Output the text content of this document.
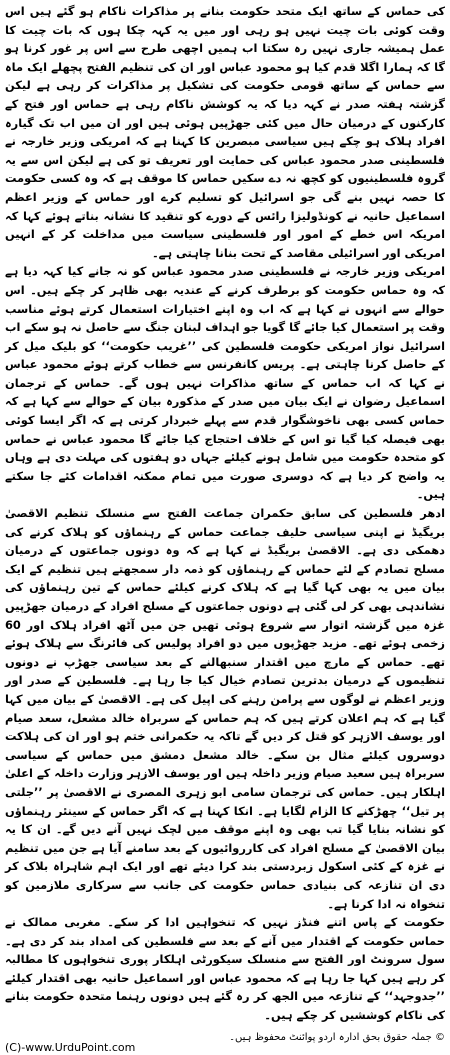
کی حماس کے ساتھ ایک متحد حکومت بنانے پر مذاکرات ناکام ہو گئے ہیں اس وقت کوئی بات چیت نہیں ہو رہی اور میں یہ کہہ چکا ہوں کہ بات چیت کا عمل ہمیشہ جاری نہیں رہ سکتا اب ہمیں اچھی طرح سے اس پر غور کرنا ہو گا کہ ہمارا اگلا قدم کیا ہو محمود عباس اور ان کی تنظیم الفتح پچھلے ایک ماہ سے حماس کے ساتھ قومی حکومت کی تشکیل پر مذاکرات کر رہی ہے لیکن گزشتہ ہفتہ صدر نے کہہ دیا کہ یہ کوشش ناکام رہی ہے حماس اور فتح کے کارکنوں کے درمیان حال میں کئی جھڑپیں ہوئی ہیں اور ان میں اب تک گیارہ افراد ہلاک ہو چکے ہیں سیاسی مبصرین کا کہنا ہے کہ امریکی وزیر خارجہ نے فلسطینی صدر محمود عباس کی حمایت اور تعریف تو کی ہے لیکن اس سے یہ گروہ فلسطینیوں کو کچھ نہ دے سکیں حماس کا موقف ہے کہ وہ کسی حکومت کا حصہ نہیں بنے گی جو اسرائیل کو تسلیم کرے اور حماس کے وزیر اعظم اسماعیل حانیہ نے کونڈولیزا رائس کے دورے کو تنقید کا نشانہ بناتے ہوئے کہا کہ امریکہ اس خطے کے امور اور فلسطینی سیاست میں مداخلت کر کے انہیں امریکی اور اسرائیلی مقاصد کے تحت بنانا چاہتی ہے۔

امریکی وزیر خارجہ نے فلسطینی صدر محمود عباس کو نہ جانے کیا کہہ دیا ہے کہ وہ حماس حکومت کو برطرف کرنے کے عندیہ بھی ظاہر کر چکے ہیں۔ اس حوالے سے انہوں نے کہا ہے کہ اب وہ اپنے اختیارات استعمال کرتے ہوئے مناسب وقت پر استعمال کیا جائے گا گویا جو اہداف لبنان جنگ سے حاصل نہ ہو سکے اب اسرائیل نواز امریکی حکومت فلسطین کی ’’غریب حکومت‘‘ کو بلیک میل کر کے حاصل کرنا چاہتی ہے۔ پریس کانفرنس سے خطاب کرتے ہوئے محمود عباس نے کہا کہ اب حماس کے ساتھ مذاکرات نہیں ہوں گے۔ حماس کے ترجمان اسماعیل رضوان نے ایک بیان میں صدر کے مذکورہ بیان کے حوالے سے کہا ہے کہ حماس کسی بھی ناخوشگوار قدم سے پہلے خبردار کرتی ہے کہ اگر ایسا کوئی بھی فیصلہ کیا گیا تو اس کے خلاف احتجاج کیا جائے گا محمود عباس نے حماس کو متحدہ حکومت میں شامل ہونے کیلئے جہاں دو ہفتوں کی مہلت دی ہے وہاں یہ واضح کر دیا ہے کہ دوسری صورت میں تمام ممکنہ اقدامات کئے جا سکتے ہیں۔

ادھر فلسطین کی سابق حکمران جماعت الفتح سے منسلک تنظیم الاقصیٰ بریگیڈ نے اپنی سیاسی حلیف جماعت حماس کے رہنماؤں کو ہلاک کرنے کی دھمکی دی ہے۔ الاقصیٰ بریگیڈ نے کہا ہے کہ وہ دونوں جماعتوں کے درمیان مسلح تصادم کے لئے حماس کے رہنماؤں کو ذمہ دار سمجھتے ہیں تنظیم کے ایک بیان میں یہ بھی کہا گیا ہے کہ ہلاک کرنے کیلئے حماس کے تین رہنماؤں کی نشاندہی بھی کر لی گئی ہے دونوں جماعتوں کے مسلح افراد کے درمیان جھڑپیں غزہ میں گزشتہ اتوار سے شروع ہوئی تھیں جن میں آٹھ افراد ہلاک اور 60 زخمی ہوئے تھے۔ مزید جھڑپوں میں دو افراد پولیس کی فائرنگ سے ہلاک ہوئے تھے۔ حماس کے مارچ میں اقتدار سنبھالنے کے بعد سیاسی جھڑپ نے دونوں تنظیموں کے درمیان بدترین تصادم خیال کیا جا رہا ہے۔ فلسطین کے صدر اور وزیر اعظم نے لوگوں سے پرامن رہنے کی اپیل کی ہے۔ الاقصیٰ کے بیان میں کہا گیا ہے کہ ہم اعلان کرتے ہیں کہ ہم حماس کے سربراہ خالد مشعل، سعد صیام اور یوسف الازہر کو قتل کر دیں گے تاکہ یہ حکمرانی ختم ہو اور ان کی ہلاکت دوسروں کیلئے مثال بن سکے۔ خالد مشعل دمشق میں حماس کے سیاسی سربراہ ہیں سعید صیام وزیر داخلہ ہیں اور یوسف الازہر وزارت داخلہ کے اعلیٰ اہلکار ہیں۔ حماس کی ترجمان سامی ابو زہری المصری نے الاقصیٰ پر ’’جلتی پر تیل‘‘ چھڑکنے کا الزام لگایا ہے۔ انکا کہنا ہے کہ اگر حماس کے سینئر رہنماؤں کو نشانہ بنایا گیا تب بھی وہ اپنے موقف میں لچک نہیں آنے دیں گے۔ ان کا یہ بیان الاقصیٰ کے مسلح افراد کی کارروائیوں کے بعد سامنے آیا ہے جن میں تنظیم نے غزہ کے کئی اسکول زبردستی بند کرا دیئے تھے اور ایک اہم شاہراہ بلاک کر دی ان تنازعہ کی بنیادی حماس حکومت کی جانب سے سرکاری ملازمین کو تنخواہ نہ ادا کرنا ہے۔

حکومت کے پاس اتنے فنڈز نہیں کہ تنخواہیں ادا کر سکے۔ مغربی ممالک نے حماس حکومت کے اقتدار میں آنے کے بعد سے فلسطین کی امداد بند کر دی ہے۔ سول سرونٹ اور الفتح سے منسلک سیکورٹی اہلکار پوری تنخواہوں کا مطالبہ کر رہے ہیں کہا جا رہا ہے کہ محمود عباس اور اسماعیل حانیہ بھی اقتدار کیلئے ’’جدوجہد‘‘ کے تنازعہ میں الجھ کر رہ گئے ہیں دونوں رہنما متحدہ حکومت بنانے کی ناکام کوششیں کر چکے ہیں۔

© جملہ حقوق بحق ادارہ اردو پوائنٹ محفوظ ہیں۔
(C)-www.UrduPoint.com
